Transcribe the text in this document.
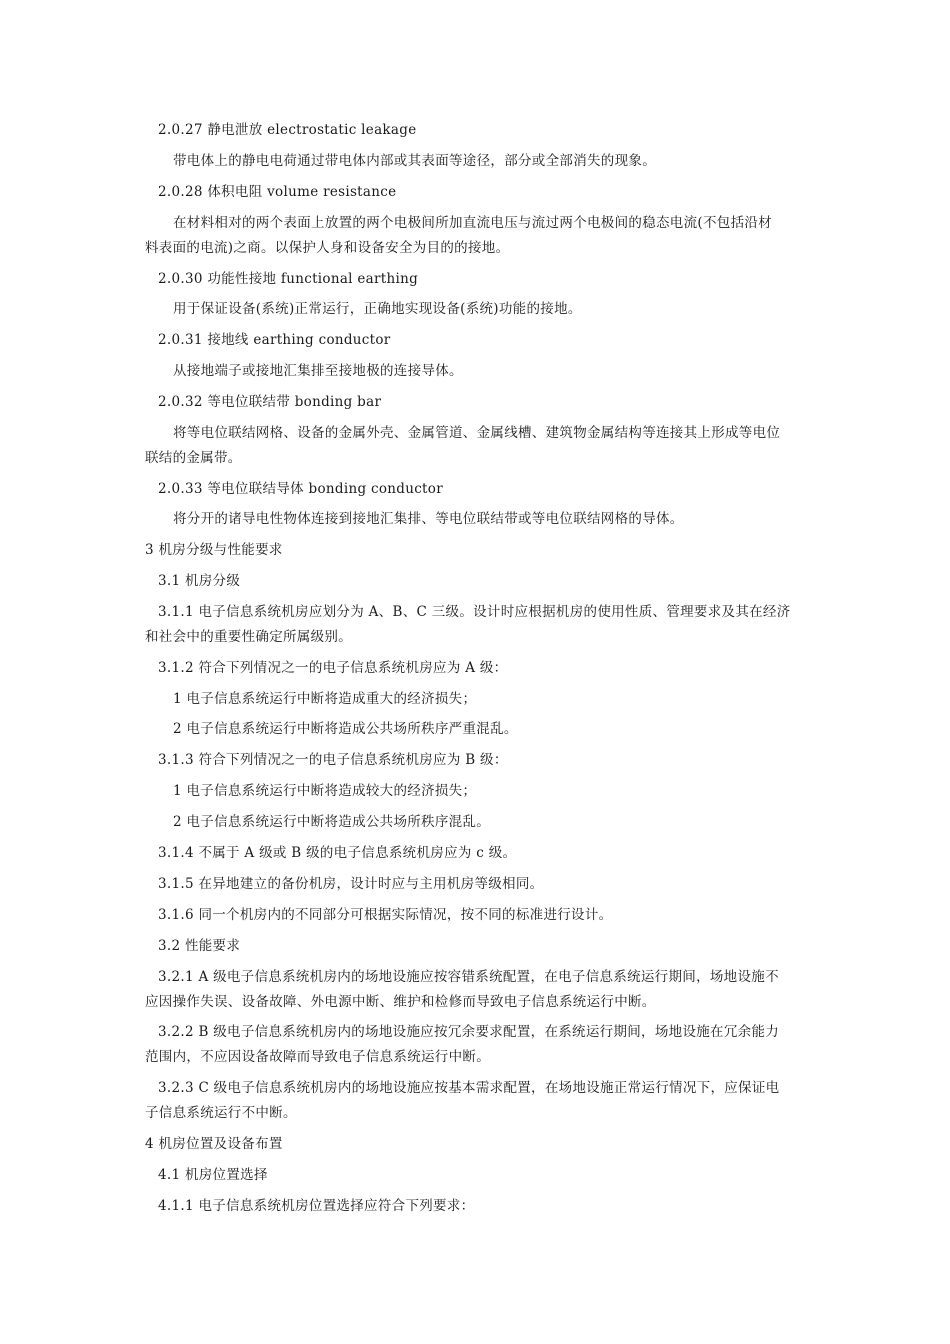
2.0.27 静电泄放 electrostatic leakage
带电体上的静电电荷通过带电体内部或其表面等途径，部分或全部消失的现象。
2.0.28 体积电阻 volume resistance
在材料相对的两个表面上放置的两个电极间所加直流电压与流过两个电极间的稳态电流(不包括沿材
料表面的电流)之商。以保护人身和设备安全为目的的接地。
2.0.30 功能性接地 functional earthing
用于保证设备(系统)正常运行，正确地实现设备(系统)功能的接地。
2.0.31 接地线 earthing conductor
从接地端子或接地汇集排至接地极的连接导体。
2.0.32 等电位联结带 bonding bar
将等电位联结网格、设备的金属外壳、金属管道、金属线槽、建筑物金属结构等连接其上形成等电位
联结的金属带。
2.0.33 等电位联结导体 bonding conductor
将分开的诸导电性物体连接到接地汇集排、等电位联结带或等电位联结网格的导体。
3 机房分级与性能要求
3.1 机房分级
3.1.1 电子信息系统机房应划分为 A、B、C 三级。设计时应根据机房的使用性质、管理要求及其在经济
和社会中的重要性确定所属级别。
3.1.2 符合下列情况之一的电子信息系统机房应为 A 级：
1 电子信息系统运行中断将造成重大的经济损失；
2 电子信息系统运行中断将造成公共场所秩序严重混乱。
3.1.3 符合下列情况之一的电子信息系统机房应为 B 级：
1 电子信息系统运行中断将造成较大的经济损失；
2 电子信息系统运行中断将造成公共场所秩序混乱。
3.1.4 不属于 A 级或 B 级的电子信息系统机房应为 c 级。
3.1.5 在异地建立的备份机房，设计时应与主用机房等级相同。
3.1.6 同一个机房内的不同部分可根据实际情况，按不同的标准进行设计。
3.2 性能要求
3.2.1 A 级电子信息系统机房内的场地设施应按容错系统配置，在电子信息系统运行期间，场地设施不
应因操作失误、设备故障、外电源中断、维护和检修而导致电子信息系统运行中断。
3.2.2 B 级电子信息系统机房内的场地设施应按冗余要求配置，在系统运行期间，场地设施在冗余能力
范围内，不应因设备故障而导致电子信息系统运行中断。
3.2.3 C 级电子信息系统机房内的场地设施应按基本需求配置，在场地设施正常运行情况下，应保证电
子信息系统运行不中断。
4 机房位置及设备布置
4.1 机房位置选择
4.1.1 电子信息系统机房位置选择应符合下列要求：
